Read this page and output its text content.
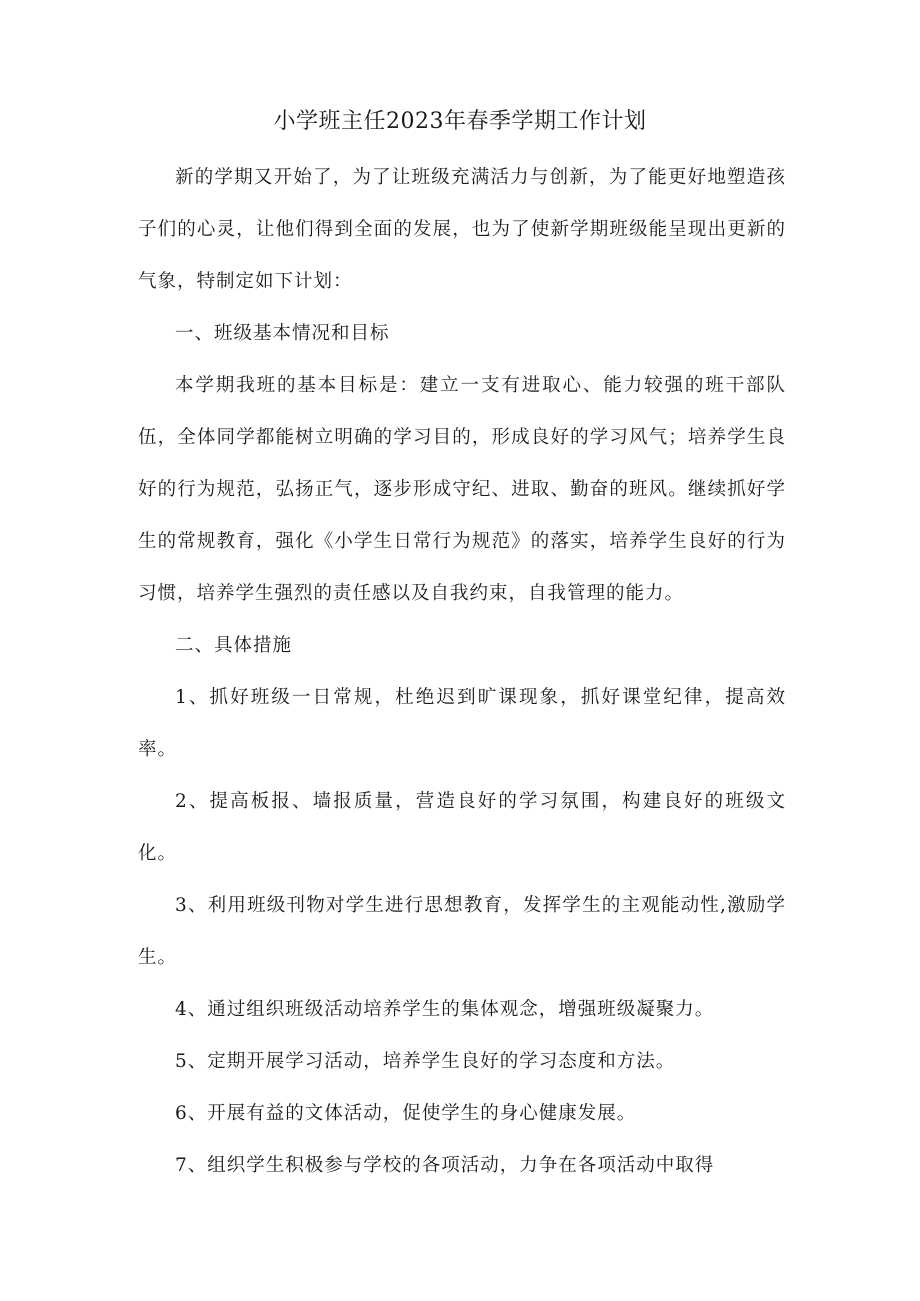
小学班主任2023年春季学期工作计划

新的学期又开始了，为了让班级充满活力与创新，为了能更好地塑造孩子们的心灵，让他们得到全面的发展，也为了使新学期班级能呈现出更新的气象，特制定如下计划：

一、班级基本情况和目标

本学期我班的基本目标是：建立一支有进取心、能力较强的班干部队伍，全体同学都能树立明确的学习目的，形成良好的学习风气；培养学生良好的行为规范，弘扬正气，逐步形成守纪、进取、勤奋的班风。继续抓好学生的常规教育，强化《小学生日常行为规范》的落实，培养学生良好的行为习惯，培养学生强烈的责任感以及自我约束，自我管理的能力。

二、具体措施

1、抓好班级一日常规，杜绝迟到旷课现象，抓好课堂纪律，提高效率。

2、提高板报、墙报质量，营造良好的学习氛围，构建良好的班级文化。

3、利用班级刊物对学生进行思想教育，发挥学生的主观能动性,激励学生。

4、通过组织班级活动培养学生的集体观念，增强班级凝聚力。

5、定期开展学习活动，培养学生良好的学习态度和方法。

6、开展有益的文体活动，促使学生的身心健康发展。

7、组织学生积极参与学校的各项活动，力争在各项活动中取得
